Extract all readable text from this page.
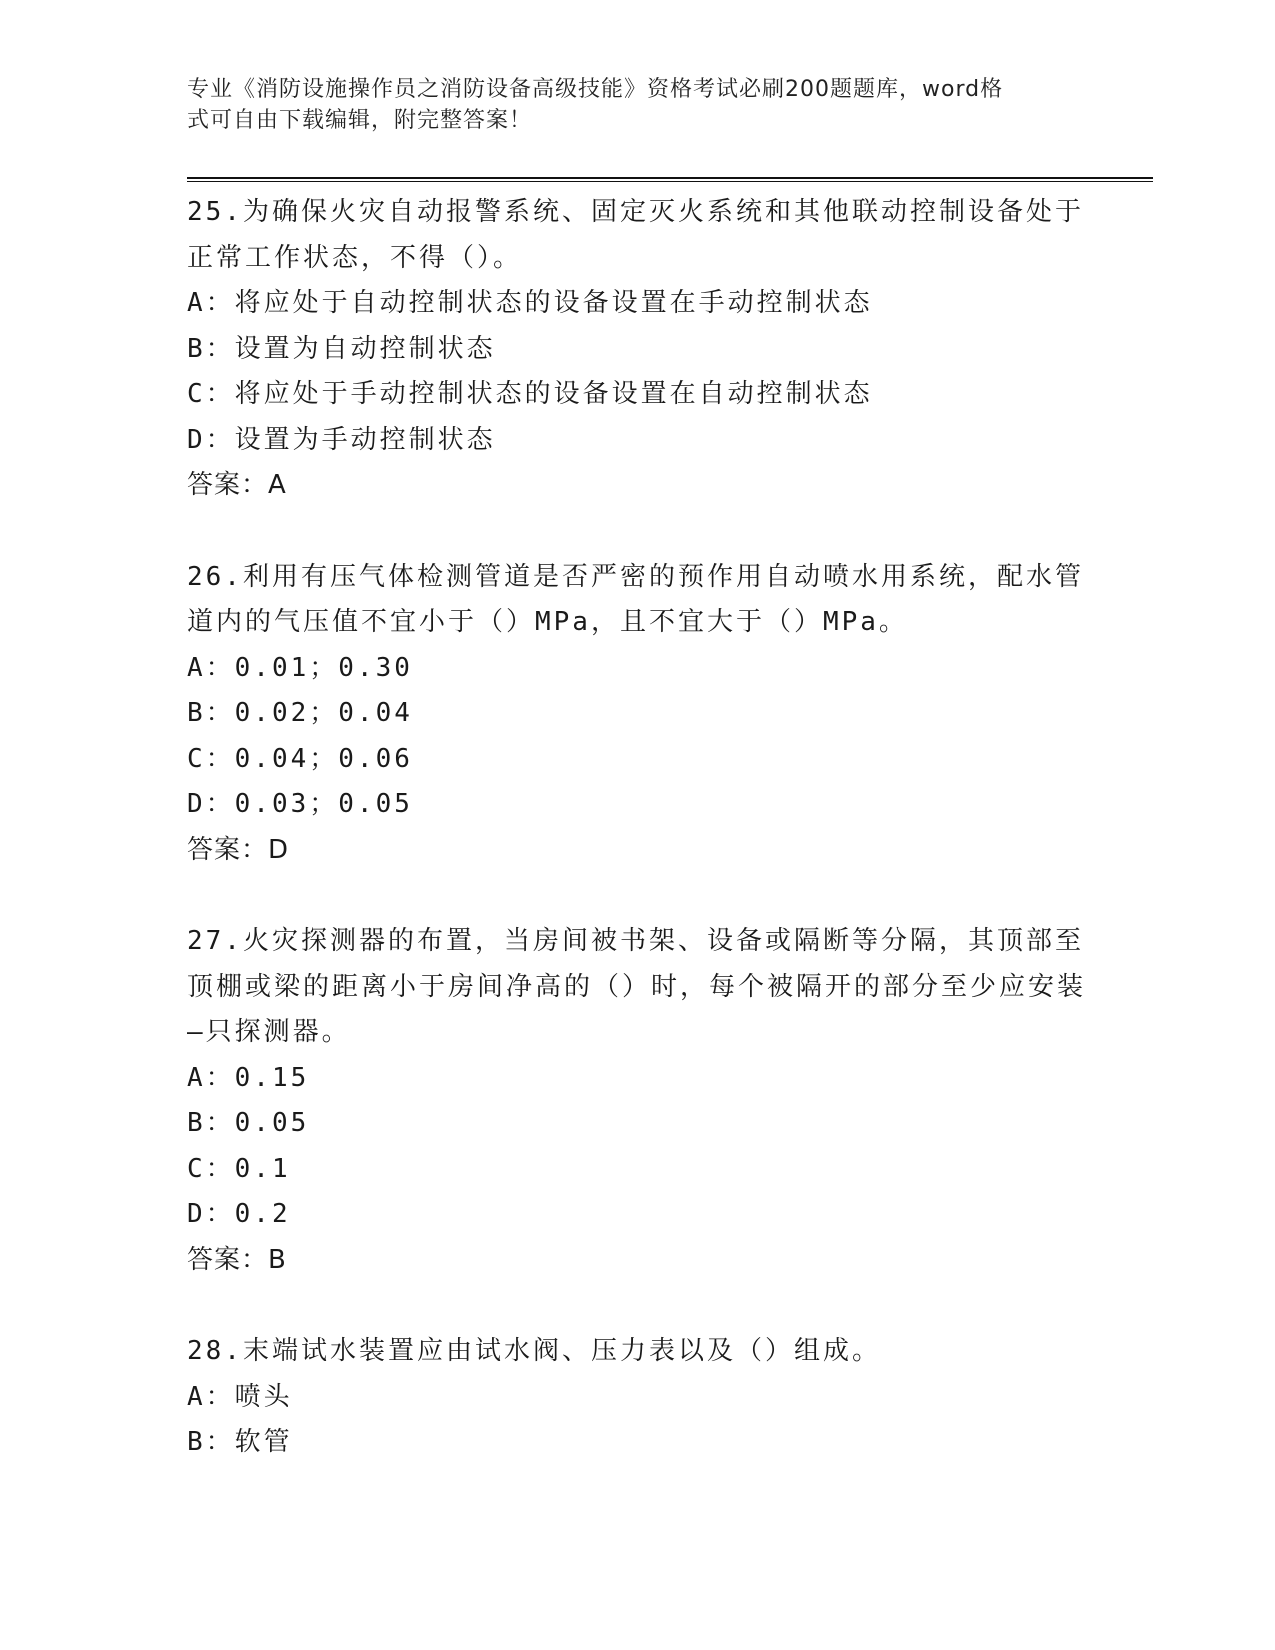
专业《消防设施操作员之消防设备高级技能》资格考试必刷200题题库，word格
式可自由下载编辑，附完整答案！

25.为确保火灾自动报警系统、固定灭火系统和其他联动控制设备处于正常工作状态，不得（）。

A：将应处于自动控制状态的设备设置在手动控制状态
B：设置为自动控制状态
C：将应处于手动控制状态的设备设置在自动控制状态
D：设置为手动控制状态
答案：A

26.利用有压气体检测管道是否严密的预作用自动喷水用系统，配水管道内的气压值不宜小于（）MPa，且不宜大于（）MPa。

A：0.01；0.30
B：0.02；0.04
C：0.04；0.06
D：0.03；0.05
答案：D

27.火灾探测器的布置，当房间被书架、设备或隔断等分隔，其顶部至顶棚或梁的距离小于房间净高的（）时，每个被隔开的部分至少应安装—只探测器。

A：0.15
B：0.05
C：0.1
D：0.2
答案：B

28.末端试水装置应由试水阀、压力表以及（）组成。

A：喷头
B：软管
